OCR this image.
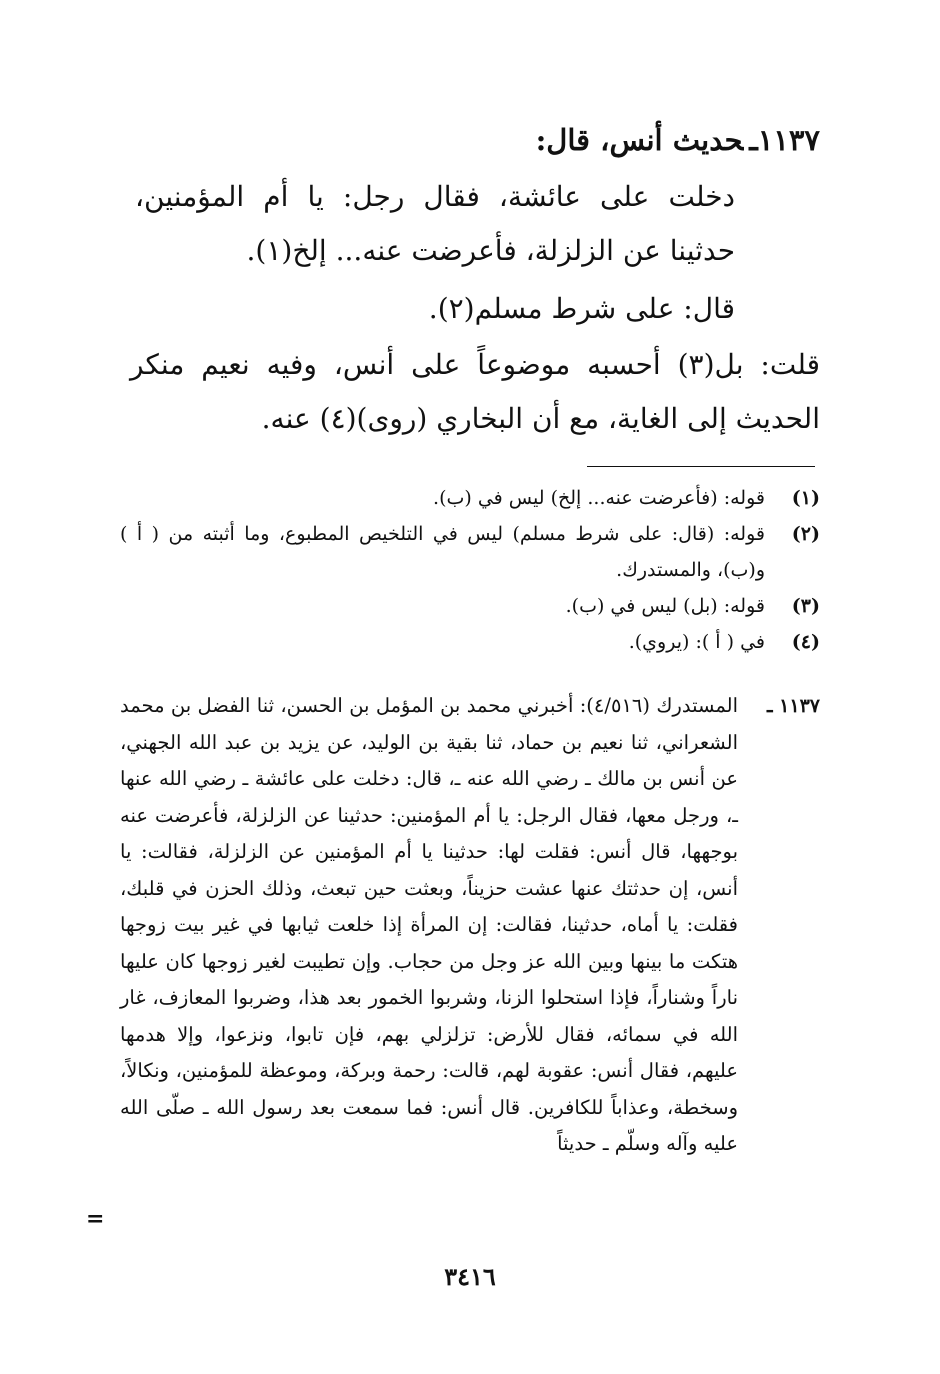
١١٣٧ـحديث أنس، قال:

دخلت على عائشة، فقال رجل: يا أم المؤمنين، حدثينا عن الزلزلة، فأعرضت عنه... إلخ(١).

قال: على شرط مسلم(٢).

قلت: بل(٣) أحسبه موضوعاً على أنس، وفيه نعيم منكر الحديث إلى الغاية، مع أن البخاري (روى)(٤) عنه.

(١)
قوله: (فأعرضت عنه... إلخ) ليس في (ب).
(٢)
قوله: (قال: على شرط مسلم) ليس في التلخيص المطبوع، وما أثبته من ( أ ) و(ب)، والمستدرك.
(٣)
قوله: (بل) ليس في (ب).
(٤)
في ( أ ): (يروي).
١١٣٧ ـ
المستدرك (٤/٥١٦): أخبرني محمد بن المؤمل بن الحسن، ثنا الفضل بن محمد الشعراني، ثنا نعيم بن حماد، ثنا بقية بن الوليد، عن يزيد بن عبد الله الجهني، عن أنس بن مالك ـ رضي الله عنه ـ، قال: دخلت على عائشة ـ رضي الله عنها ـ، ورجل معها، فقال الرجل: يا أم المؤمنين: حدثينا عن الزلزلة، فأعرضت عنه بوجهها، قال أنس: فقلت لها: حدثينا يا أم المؤمنين عن الزلزلة، فقالت: يا أنس، إن حدثتك عنها عشت حزيناً، وبعثت حين تبعث، وذلك الحزن في قلبك، فقلت: يا أماه، حدثينا، فقالت: إن المرأة إذا خلعت ثيابها في غير بيت زوجها هتكت ما بينها وبين الله عز وجل من حجاب. وإن تطيبت لغير زوجها كان عليها ناراً وشناراً، فإذا استحلوا الزنا، وشربوا الخمور بعد هذا، وضربوا المعازف، غار الله في سمائه، فقال للأرض: تزلزلي بهم، فإن تابوا، ونزعوا، وإلا هدمها عليهم، فقال أنس: عقوبة لهم، قالت: رحمة وبركة، وموعظة للمؤمنين، ونكالاً، وسخطة، وعذاباً للكافرين. قال أنس: فما سمعت بعد رسول الله ـ صلّى الله عليه وآله وسلّم ـ حديثاً
=
٣٤١٦
